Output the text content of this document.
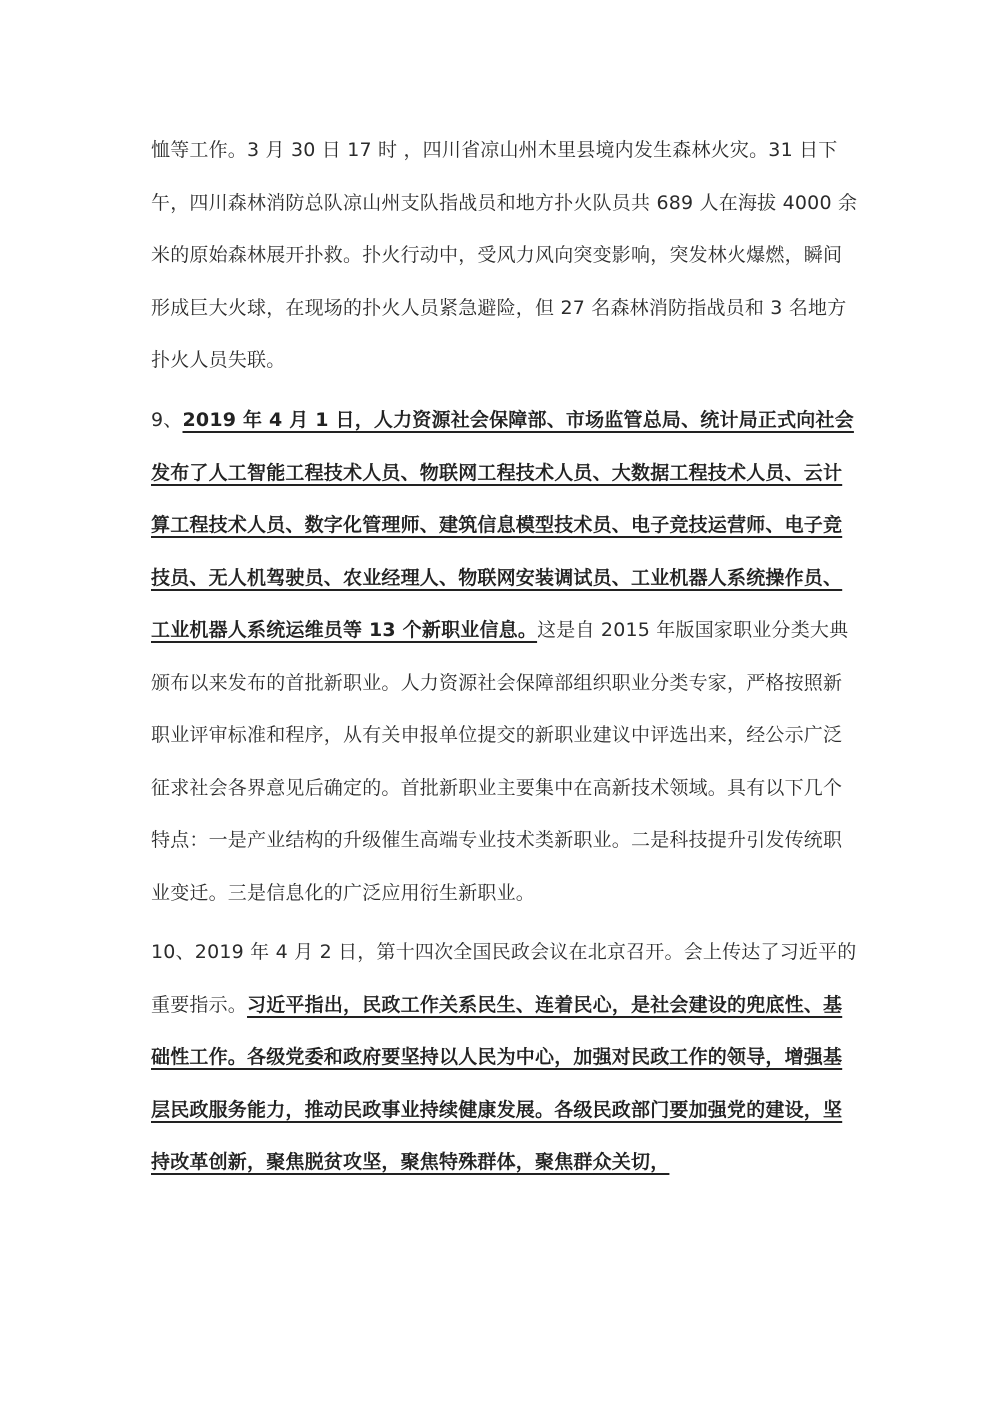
恤等工作。3 月 30 日 17 时 ，四川省凉山州木里县境内发生森林火灾。31 日下午，四川森林消防总队凉山州支队指战员和地方扑火队员共 689 人在海拔 4000 余米的原始森林展开扑救。扑火行动中，受风力风向突变影响，突发林火爆燃，瞬间形成巨大火球，在现场的扑火人员紧急避险，但 27 名森林消防指战员和 3 名地方扑火人员失联。

9、2019 年 4 月 1 日，人力资源社会保障部、市场监管总局、统计局正式向社会发布了人工智能工程技术人员、物联网工程技术人员、大数据工程技术人员、云计算工程技术人员、数字化管理师、建筑信息模型技术员、电子竞技运营师、电子竞技员、无人机驾驶员、农业经理人、物联网安装调试员、工业机器人系统操作员、工业机器人系统运维员等 13 个新职业信息。这是自 2015 年版国家职业分类大典颁布以来发布的首批新职业。人力资源社会保障部组织职业分类专家，严格按照新职业评审标准和程序，从有关申报单位提交的新职业建议中评选出来，经公示广泛征求社会各界意见后确定的。首批新职业主要集中在高新技术领域。具有以下几个特点：一是产业结构的升级催生高端专业技术类新职业。二是科技提升引发传统职业变迁。三是信息化的广泛应用衍生新职业。

10、2019 年 4 月 2 日，第十四次全国民政会议在北京召开。会上传达了习近平的重要指示。习近平指出，民政工作关系民生、连着民心，是社会建设的兜底性、基础性工作。各级党委和政府要坚持以人民为中心，加强对民政工作的领导，增强基层民政服务能力，推动民政事业持续健康发展。各级民政部门要加强党的建设，坚持改革创新，聚焦脱贫攻坚，聚焦特殊群体，聚焦群众关切，
